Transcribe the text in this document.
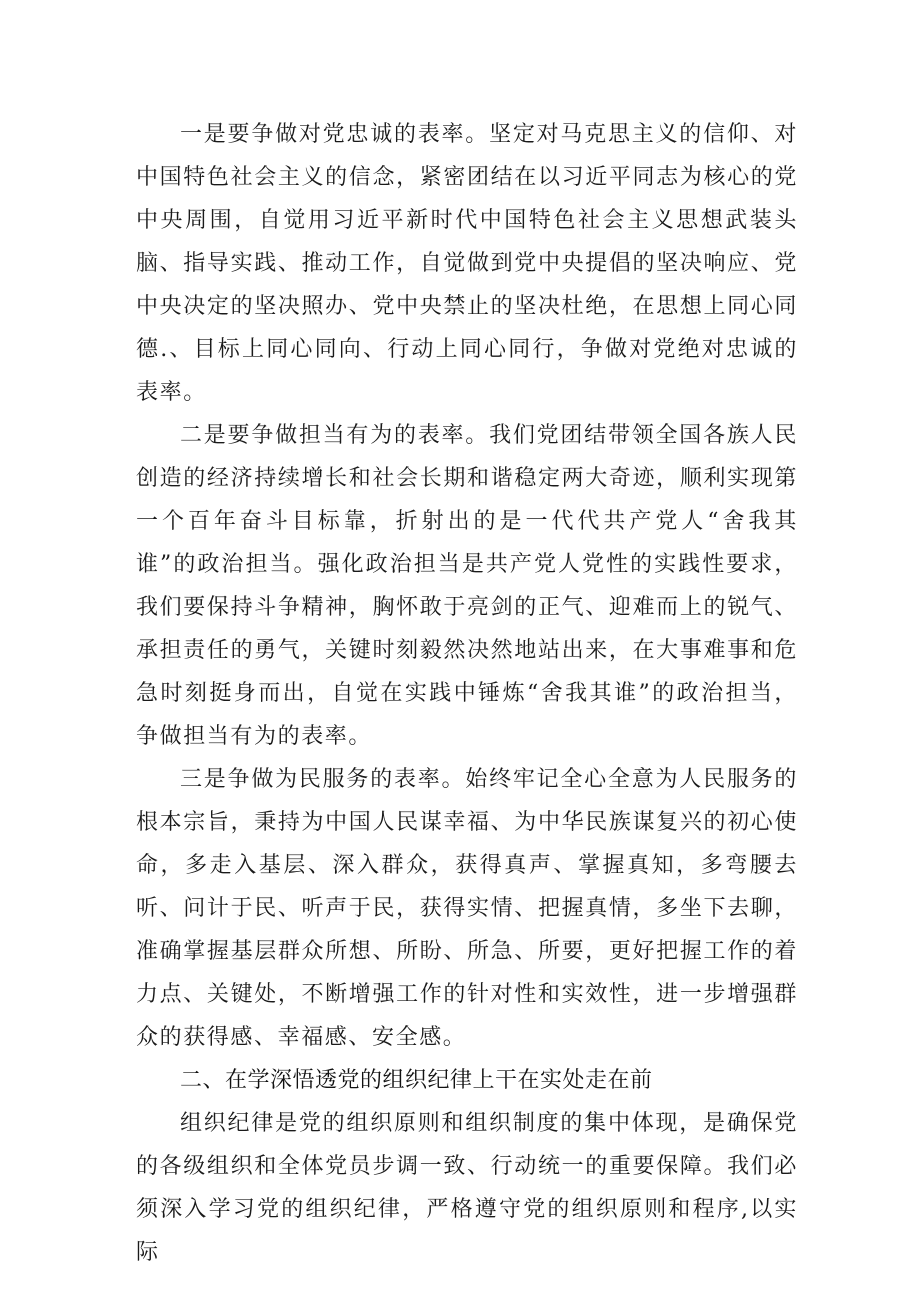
一是要争做对党忠诚的表率。坚定对马克思主义的信仰、对中国特色社会主义的信念，紧密团结在以习近平同志为核心的党中央周围，自觉用习近平新时代中国特色社会主义思想武装头脑、指导实践、推动工作，自觉做到党中央提倡的坚决响应、党中央决定的坚决照办、党中央禁止的坚决杜绝，在思想上同心同德.、目标上同心同向、行动上同心同行，争做对党绝对忠诚的表率。

二是要争做担当有为的表率。我们党团结带领全国各族人民创造的经济持续增长和社会长期和谐稳定两大奇迹，顺利实现第一个百年奋斗目标靠，折射出的是一代代共产党人“舍我其谁”的政治担当。强化政治担当是共产党人党性的实践性要求，我们要保持斗争精神，胸怀敢于亮剑的正气、迎难而上的锐气、承担责任的勇气，关键时刻毅然决然地站出来，在大事难事和危急时刻挺身而出，自觉在实践中锤炼“舍我其谁”的政治担当，争做担当有为的表率。

三是争做为民服务的表率。始终牢记全心全意为人民服务的根本宗旨，秉持为中国人民谋幸福、为中华民族谋复兴的初心使命，多走入基层、深入群众，获得真声、掌握真知，多弯腰去听、问计于民、听声于民，获得实情、把握真情，多坐下去聊，准确掌握基层群众所想、所盼、所急、所要，更好把握工作的着力点、关键处，不断增强工作的针对性和实效性，进一步增强群众的获得感、幸福感、安全感。

二、在学深悟透党的组织纪律上干在实处走在前

组织纪律是党的组织原则和组织制度的集中体现，是确保党的各级组织和全体党员步调一致、行动统一的重要保障。我们必须深入学习党的组织纪律，严格遵守党的组织原则和程序,以实际
